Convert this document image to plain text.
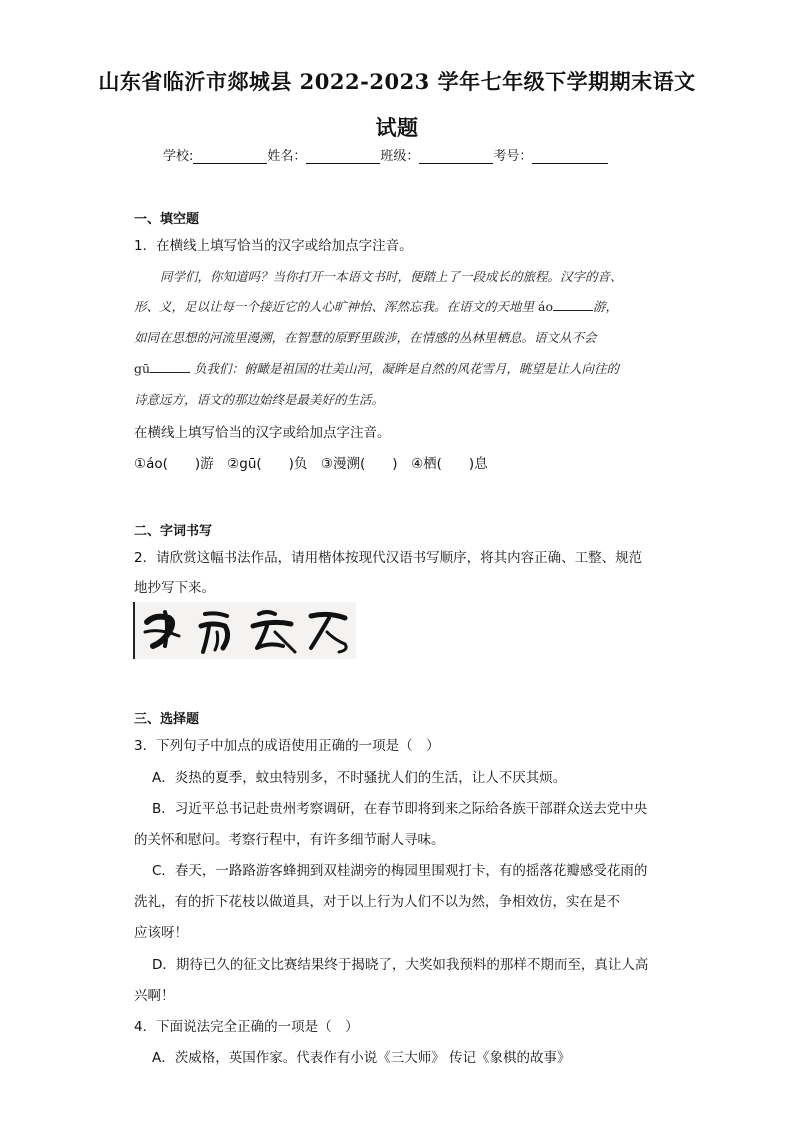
山东省临沂市郯城县 2022-2023 学年七年级下学期期末语文
试题
学校:	姓名：	班级：	考号：
一、填空题
1．在横线上填写恰当的汉字或给加点字注音。
同学们，你知道吗？当你打开一本语文书时，便踏上了一段成长的旅程。汉字的音、
形、义，足以让每一个接近它的人心旷神怡、浑然忘我。在语文的天地里 áo	游，
如同在思想的河流里漫溯，在智慧的原野里跋涉，在情感的丛林里栖息。语文从不会
gū	负我们：俯瞰是祖国的壮美山河，凝眸是自然的风花雪月，眺望是让人向往的
诗意远方，语文的那边始终是最美好的生活。
在横线上填写恰当的汉字或给加点字注音。
①áo(　　)游　②gū(　　)负　③漫溯(　　)　④栖(　　)息
二、字词书写
2．请欣赏这幅书法作品，请用楷体按现代汉语书写顺序，将其内容正确、工整、规范
地抄写下来。
三、选择题
3．下列句子中加点的成语使用正确的一项是（　）
A．炎热的夏季，蚊虫特别多，不时骚扰人们的生活，让人不厌其烦。
B．习近平总书记赴贵州考察调研，在春节即将到来之际给各族干部群众送去党中央
的关怀和慰问。考察行程中，有许多细节耐人寻味。
C．春天，一路路游客蜂拥到双桂湖旁的梅园里围观打卡，有的摇落花瓣感受花雨的
洗礼，有的折下花枝以做道具，对于以上行为人们不以为然，争相效仿，实在是不
应该呀！
D．期待已久的征文比赛结果终于揭晓了，大奖如我预料的那样不期而至，真让人高
兴啊！
4．下面说法完全正确的一项是（　）
A．茨威格，英国作家。代表作有小说《三大师》 传记《象棋的故事》
